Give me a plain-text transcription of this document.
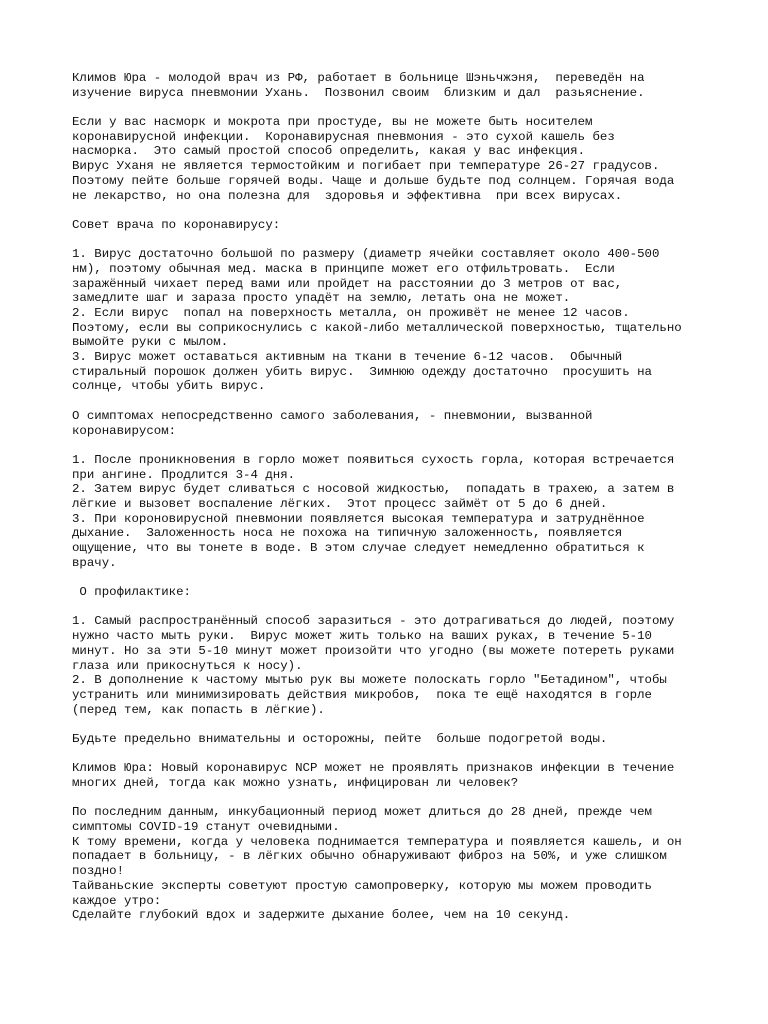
Климов Юра - молодой врач из РФ, работает в больнице Шэньчжэня,  переведён на
изучение вируса пневмонии Ухань.  Позвонил своим  близким и дал  разьяснение.
Если у вас насморк и мокрота при простуде, вы не можете быть носителем
коронавирусной инфекции.  Коронавирусная пневмония - это сухой кашель без
насморка.  Это самый простой способ определить, какая у вас инфекция.
Вирус Уханя не является термостойким и погибает при температуре 26-27 градусов.
Поэтому пейте больше горячей воды. Чаще и дольше будьте под солнцем. Горячая вода
не лекарство, но она полезна для  здоровья и эффективна  при всех вирусах.
Совет врача по коронавирусу:
1. Вирус достаточно большой по размеру (диаметр ячейки составляет около 400-500
нм), поэтому обычная мед. маска в принципе может его отфильтровать.  Если
заражённый чихает перед вами или пройдет на расстоянии до 3 метров от вас,
замедлите шаг и зараза просто упадёт на землю, летать она не может.
2. Если вирус  попал на поверхность металла, он проживёт не менее 12 часов.
Поэтому, если вы соприкоснулись с какой-либо металлической поверхностью, тщательно
вымойте руки с мылом.
3. Вирус может оставаться активным на ткани в течение 6-12 часов.  Обычный
стиральный порошок должен убить вирус.  Зимнюю одежду достаточно  просушить на
солнце, чтобы убить вирус.
О симптомах непосредственно самого заболевания, - пневмонии, вызванной
коронавирусом:
1. После проникновения в горло может появиться сухость горла, которая встречается
при ангине. Продлится 3-4 дня.
2. Затем вирус будет сливаться с носовой жидкостью,  попадать в трахею, а затем в
лёгкие и вызовет воспаление лёгких.  Этот процесс займёт от 5 до 6 дней.
3. При короновирусной пневмонии появляется высокая температура и затруднённое
дыхание.  Заложенность носа не похожа на типичную заложенность, появляется
ощущение, что вы тонете в воде. В этом случае следует немедленно обратиться к
врачу.
О профилактике:
1. Самый распространённый способ заразиться - это дотрагиваться до людей, поэтому
нужно часто мыть руки.  Вирус может жить только на ваших руках, в течение 5-10
минут. Но за эти 5-10 минут может произойти что угодно (вы можете потереть руками
глаза или прикоснуться к носу).
2. В дополнение к частому мытью рук вы можете полоскать горло "Бетадином", чтобы
устранить или минимизировать действия микробов,  пока те ещё находятся в горле
(перед тем, как попасть в лёгкие).
Будьте предельно внимательны и осторожны, пейте  больше подогретой воды.
Климов Юра: Новый коронавирус NCP может не проявлять признаков инфекции в течение
многих дней, тогда как можно узнать, инфицирован ли человек?
По последним данным, инкубационный период может длиться до 28 дней, прежде чем
симптомы COVID-19 станут очевидными.
К тому времени, когда у человека поднимается температура и появляется кашель, и он
попадает в больницу, - в лёгких обычно обнаруживают фиброз на 50%, и уже слишком
поздно!
Тайваньские эксперты советуют простую самопроверку, которую мы можем проводить
каждое утро:
Сделайте глубокий вдох и задержите дыхание более, чем на 10 секунд.
